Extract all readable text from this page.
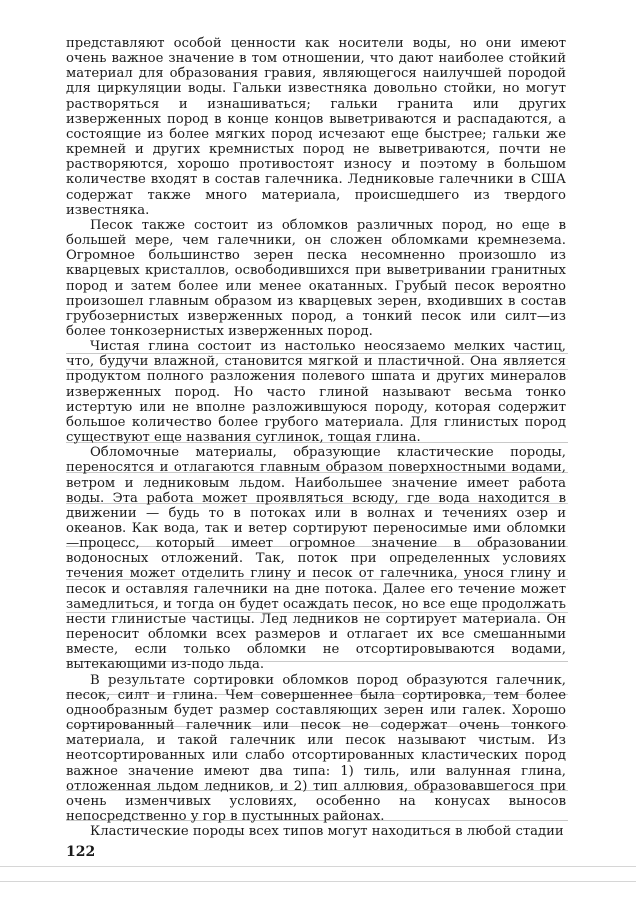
представляют особой ценности как носители воды, но они имеют очень важное значение в том отношении, что дают наиболее стойкий материал для образования гравия, являющегося наилучшей породой для циркуляции воды. Гальки известняка довольно стойки, но могут растворяться и изнашиваться; гальки гранита или других изверженных пород в конце концов выветриваются и распадаются, а состоящие из более мягких пород исчезают еще быстрее; гальки же кремней и других кремнистых пород не выветриваются, почти не растворяются, хорошо противостоят износу и поэтому в большом количестве входят в состав галечника. Ледниковые галечники в США содержат также много материала, происшедшего из твердого известняка.

Песок также состоит из обломков различных пород, но еще в большей мере, чем галечники, он сложен обломками кремнезема. Огромное большинство зерен песка несомненно произошло из кварцевых кристаллов, освободившихся при выветривании гранитных пород и затем более или менее окатанных. Грубый песок вероятно произошел главным образом из кварцевых зерен, входивших в состав грубозернистых изверженных пород, а тонкий песок или силт—из более тонкозернистых изверженных пород.

Чистая глина состоит из настолько неосязаемо мелких частиц, что, будучи влажной, становится мягкой и пластичной. Она является продуктом полного разложения полевого шпата и других минералов изверженных пород. Но часто глиной называют весьма тонко истертую или не вполне разложившуюся породу, которая содержит большое количество более грубого материала. Для глинистых пород существуют еще названия суглинок, тощая глина.

Обломочные материалы, образующие кластические породы, переносятся и отлагаются главным образом поверхностными водами, ветром и ледниковым льдом. Наибольшее значение имеет работа воды. Эта работа может проявляться всюду, где вода находится в движении — будь то в потоках или в волнах и течениях озер и океанов. Как вода, так и ветер сортируют переносимые ими обломки—процесс, который имеет огромное значение в образовании водоносных отложений. Так, поток при определенных условиях течения может отделить глину и песок от галечника, унося глину и песок и оставляя галечники на дне потока. Далее его течение может замедлиться, и тогда он будет осаждать песок, но все еще продолжать нести глинистые частицы. Лед ледников не сортирует материала. Он переносит обломки всех размеров и отлагает их все смешанными вместе, если только обломки не отсортировываются водами, вытекающими из-подо льда.

В результате сортировки обломков пород образуются галечник, песок, силт и глина. Чем совершеннее была сортировка, тем более однообразным будет размер составляющих зерен или галек. Хорошо сортированный галечник или песок не содержат очень тонкого материала, и такой галечник или песок называют чистым. Из неотсортированных или слабо отсортированных кластических пород важное значение имеют два типа: 1) тиль, или валунная глина, отложенная льдом ледников, и 2) тип аллювия, образовавшегося при очень изменчивых условиях, особенно на конусах выносов непосредственно у гор в пустынных районах.

Кластические породы всех типов могут находиться в любой стадии

122
